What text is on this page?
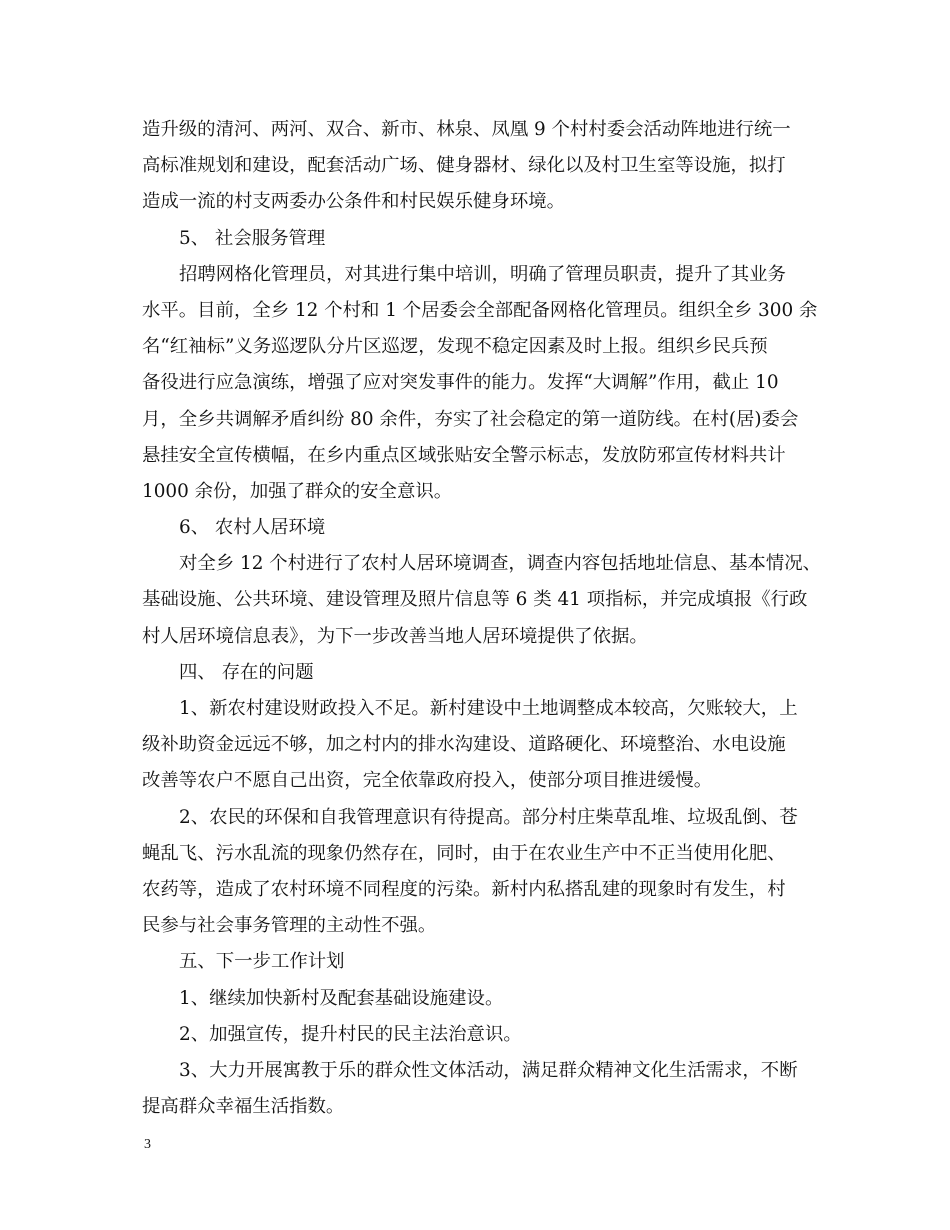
造升级的清河、两河、双合、新市、林泉、凤凰 9 个村村委会活动阵地进行统一
高标准规划和建设，配套活动广场、健身器材、绿化以及村卫生室等设施，拟打
造成一流的村支两委办公条件和村民娱乐健身环境。
5、 社会服务管理
招聘网格化管理员，对其进行集中培训，明确了管理员职责，提升了其业务
水平。目前，全乡 12 个村和 1 个居委会全部配备网格化管理员。组织全乡 300 余
名“红袖标”义务巡逻队分片区巡逻，发现不稳定因素及时上报。组织乡民兵预
备役进行应急演练，增强了应对突发事件的能力。发挥“大调解”作用，截止 10
月，全乡共调解矛盾纠纷 80 余件，夯实了社会稳定的第一道防线。在村(居)委会
悬挂安全宣传横幅，在乡内重点区域张贴安全警示标志，发放防邪宣传材料共计
1000 余份，加强了群众的安全意识。
6、 农村人居环境
对全乡 12 个村进行了农村人居环境调查，调查内容包括地址信息、基本情况、
基础设施、公共环境、建设管理及照片信息等 6 类 41 项指标，并完成填报《行政
村人居环境信息表》，为下一步改善当地人居环境提供了依据。
四、 存在的问题
1、新农村建设财政投入不足。新村建设中土地调整成本较高，欠账较大，上
级补助资金远远不够，加之村内的排水沟建设、道路硬化、环境整治、水电设施
改善等农户不愿自己出资，完全依靠政府投入，使部分项目推进缓慢。
2、农民的环保和自我管理意识有待提高。部分村庄柴草乱堆、垃圾乱倒、苍
蝇乱飞、污水乱流的现象仍然存在，同时，由于在农业生产中不正当使用化肥、
农药等，造成了农村环境不同程度的污染。新村内私搭乱建的现象时有发生，村
民参与社会事务管理的主动性不强。
五、下一步工作计划
1、继续加快新村及配套基础设施建设。
2、加强宣传，提升村民的民主法治意识。
3、大力开展寓教于乐的群众性文体活动，满足群众精神文化生活需求，不断
提高群众幸福生活指数。
3
